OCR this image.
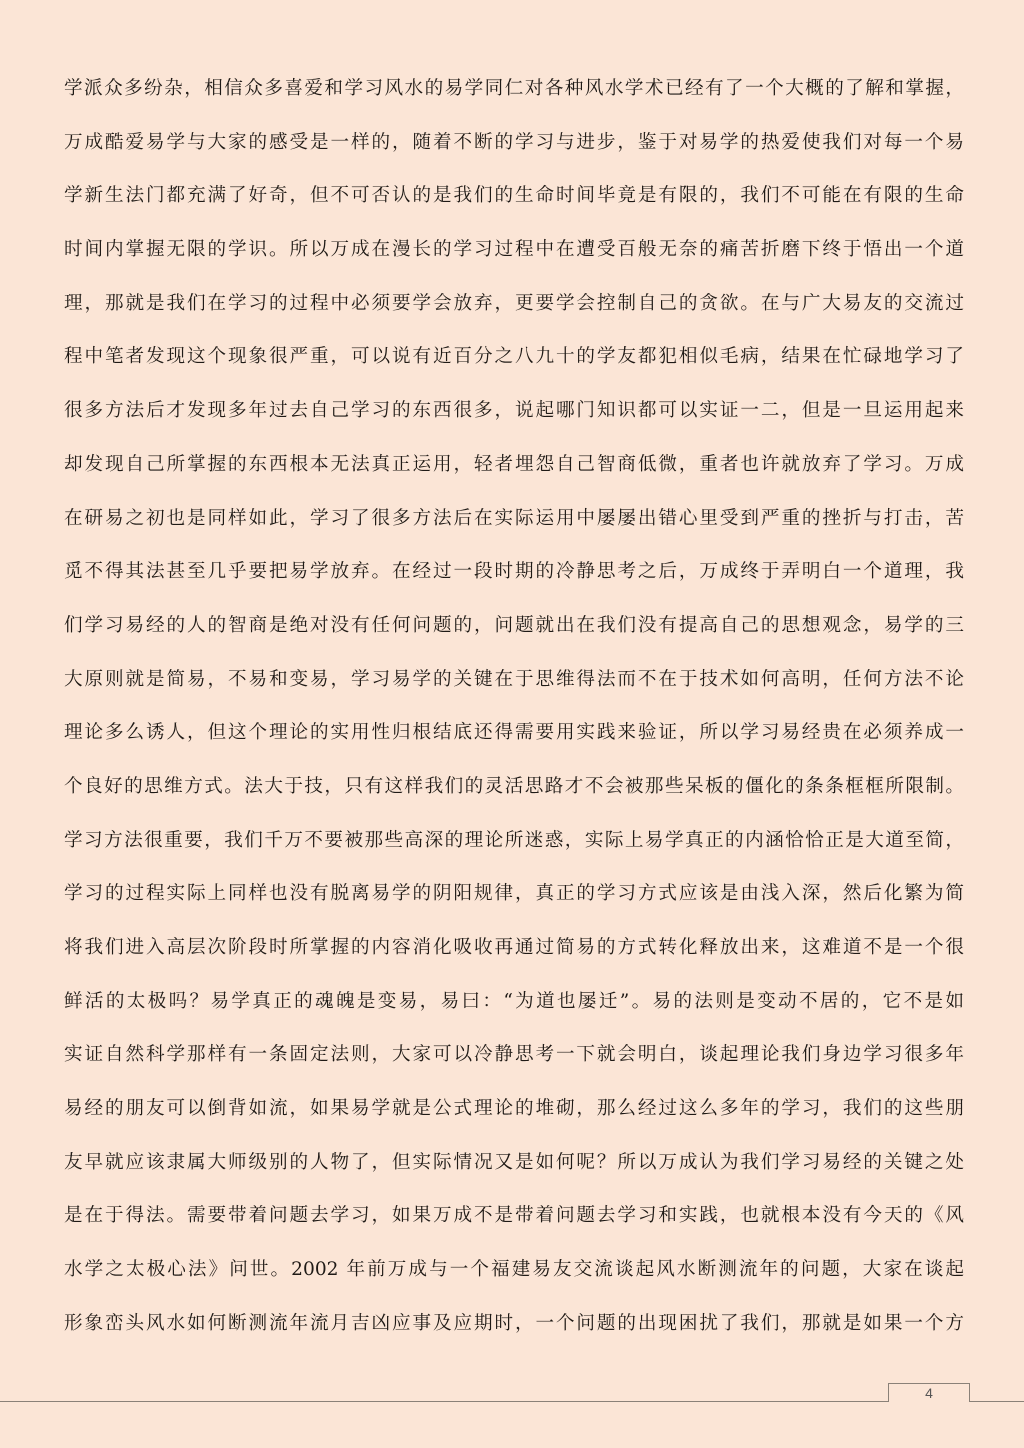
学派众多纷杂，相信众多喜爱和学习风水的易学同仁对各种风水学术已经有了一个大概的了解和掌握，
万成酷爱易学与大家的感受是一样的，随着不断的学习与进步，鉴于对易学的热爱使我们对每一个易
学新生法门都充满了好奇，但不可否认的是我们的生命时间毕竟是有限的，我们不可能在有限的生命
时间内掌握无限的学识。所以万成在漫长的学习过程中在遭受百般无奈的痛苦折磨下终于悟出一个道
理，那就是我们在学习的过程中必须要学会放弃，更要学会控制自己的贪欲。在与广大易友的交流过
程中笔者发现这个现象很严重，可以说有近百分之八九十的学友都犯相似毛病，结果在忙碌地学习了
很多方法后才发现多年过去自己学习的东西很多，说起哪门知识都可以实证一二，但是一旦运用起来
却发现自己所掌握的东西根本无法真正运用，轻者埋怨自己智商低微，重者也许就放弃了学习。万成
在研易之初也是同样如此，学习了很多方法后在实际运用中屡屡出错心里受到严重的挫折与打击，苦
觅不得其法甚至几乎要把易学放弃。在经过一段时期的冷静思考之后，万成终于弄明白一个道理，我
们学习易经的人的智商是绝对没有任何问题的，问题就出在我们没有提高自己的思想观念，易学的三
大原则就是简易，不易和变易，学习易学的关键在于思维得法而不在于技术如何高明，任何方法不论
理论多么诱人，但这个理论的实用性归根结底还得需要用实践来验证，所以学习易经贵在必须养成一
个良好的思维方式。法大于技，只有这样我们的灵活思路才不会被那些呆板的僵化的条条框框所限制。
学习方法很重要，我们千万不要被那些高深的理论所迷惑，实际上易学真正的内涵恰恰正是大道至简，
学习的过程实际上同样也没有脱离易学的阴阳规律，真正的学习方式应该是由浅入深，然后化繁为简
将我们进入高层次阶段时所掌握的内容消化吸收再通过简易的方式转化释放出来，这难道不是一个很
鲜活的太极吗？易学真正的魂魄是变易，易曰：“为道也屡迁”。易的法则是变动不居的，它不是如
实证自然科学那样有一条固定法则，大家可以冷静思考一下就会明白，谈起理论我们身边学习很多年
易经的朋友可以倒背如流，如果易学就是公式理论的堆砌，那么经过这么多年的学习，我们的这些朋
友早就应该隶属大师级别的人物了，但实际情况又是如何呢？所以万成认为我们学习易经的关键之处
是在于得法。需要带着问题去学习，如果万成不是带着问题去学习和实践，也就根本没有今天的《风
水学之太极心法》问世。2002 年前万成与一个福建易友交流谈起风水断测流年的问题，大家在谈起
形象峦头风水如何断测流年流月吉凶应事及应期时，一个问题的出现困扰了我们，那就是如果一个方
4
